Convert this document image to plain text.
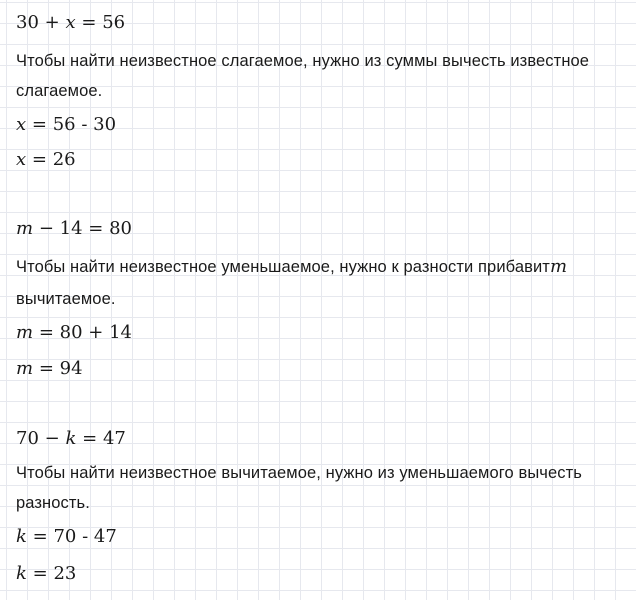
30 + x = 56
Чтобы найти неизвестное слагаемое, нужно из суммы вычесть известное
слагаемое.
x = 56 - 30
x = 26
m − 14 = 80
Чтобы найти неизвестное уменьшаемое, нужно к разности прибавитm
вычитаемое.
m = 80 + 14
m = 94
70 − k = 47
Чтобы найти неизвестное вычитаемое, нужно из уменьшаемого вычесть
разность.
k = 70 - 47
k = 23
